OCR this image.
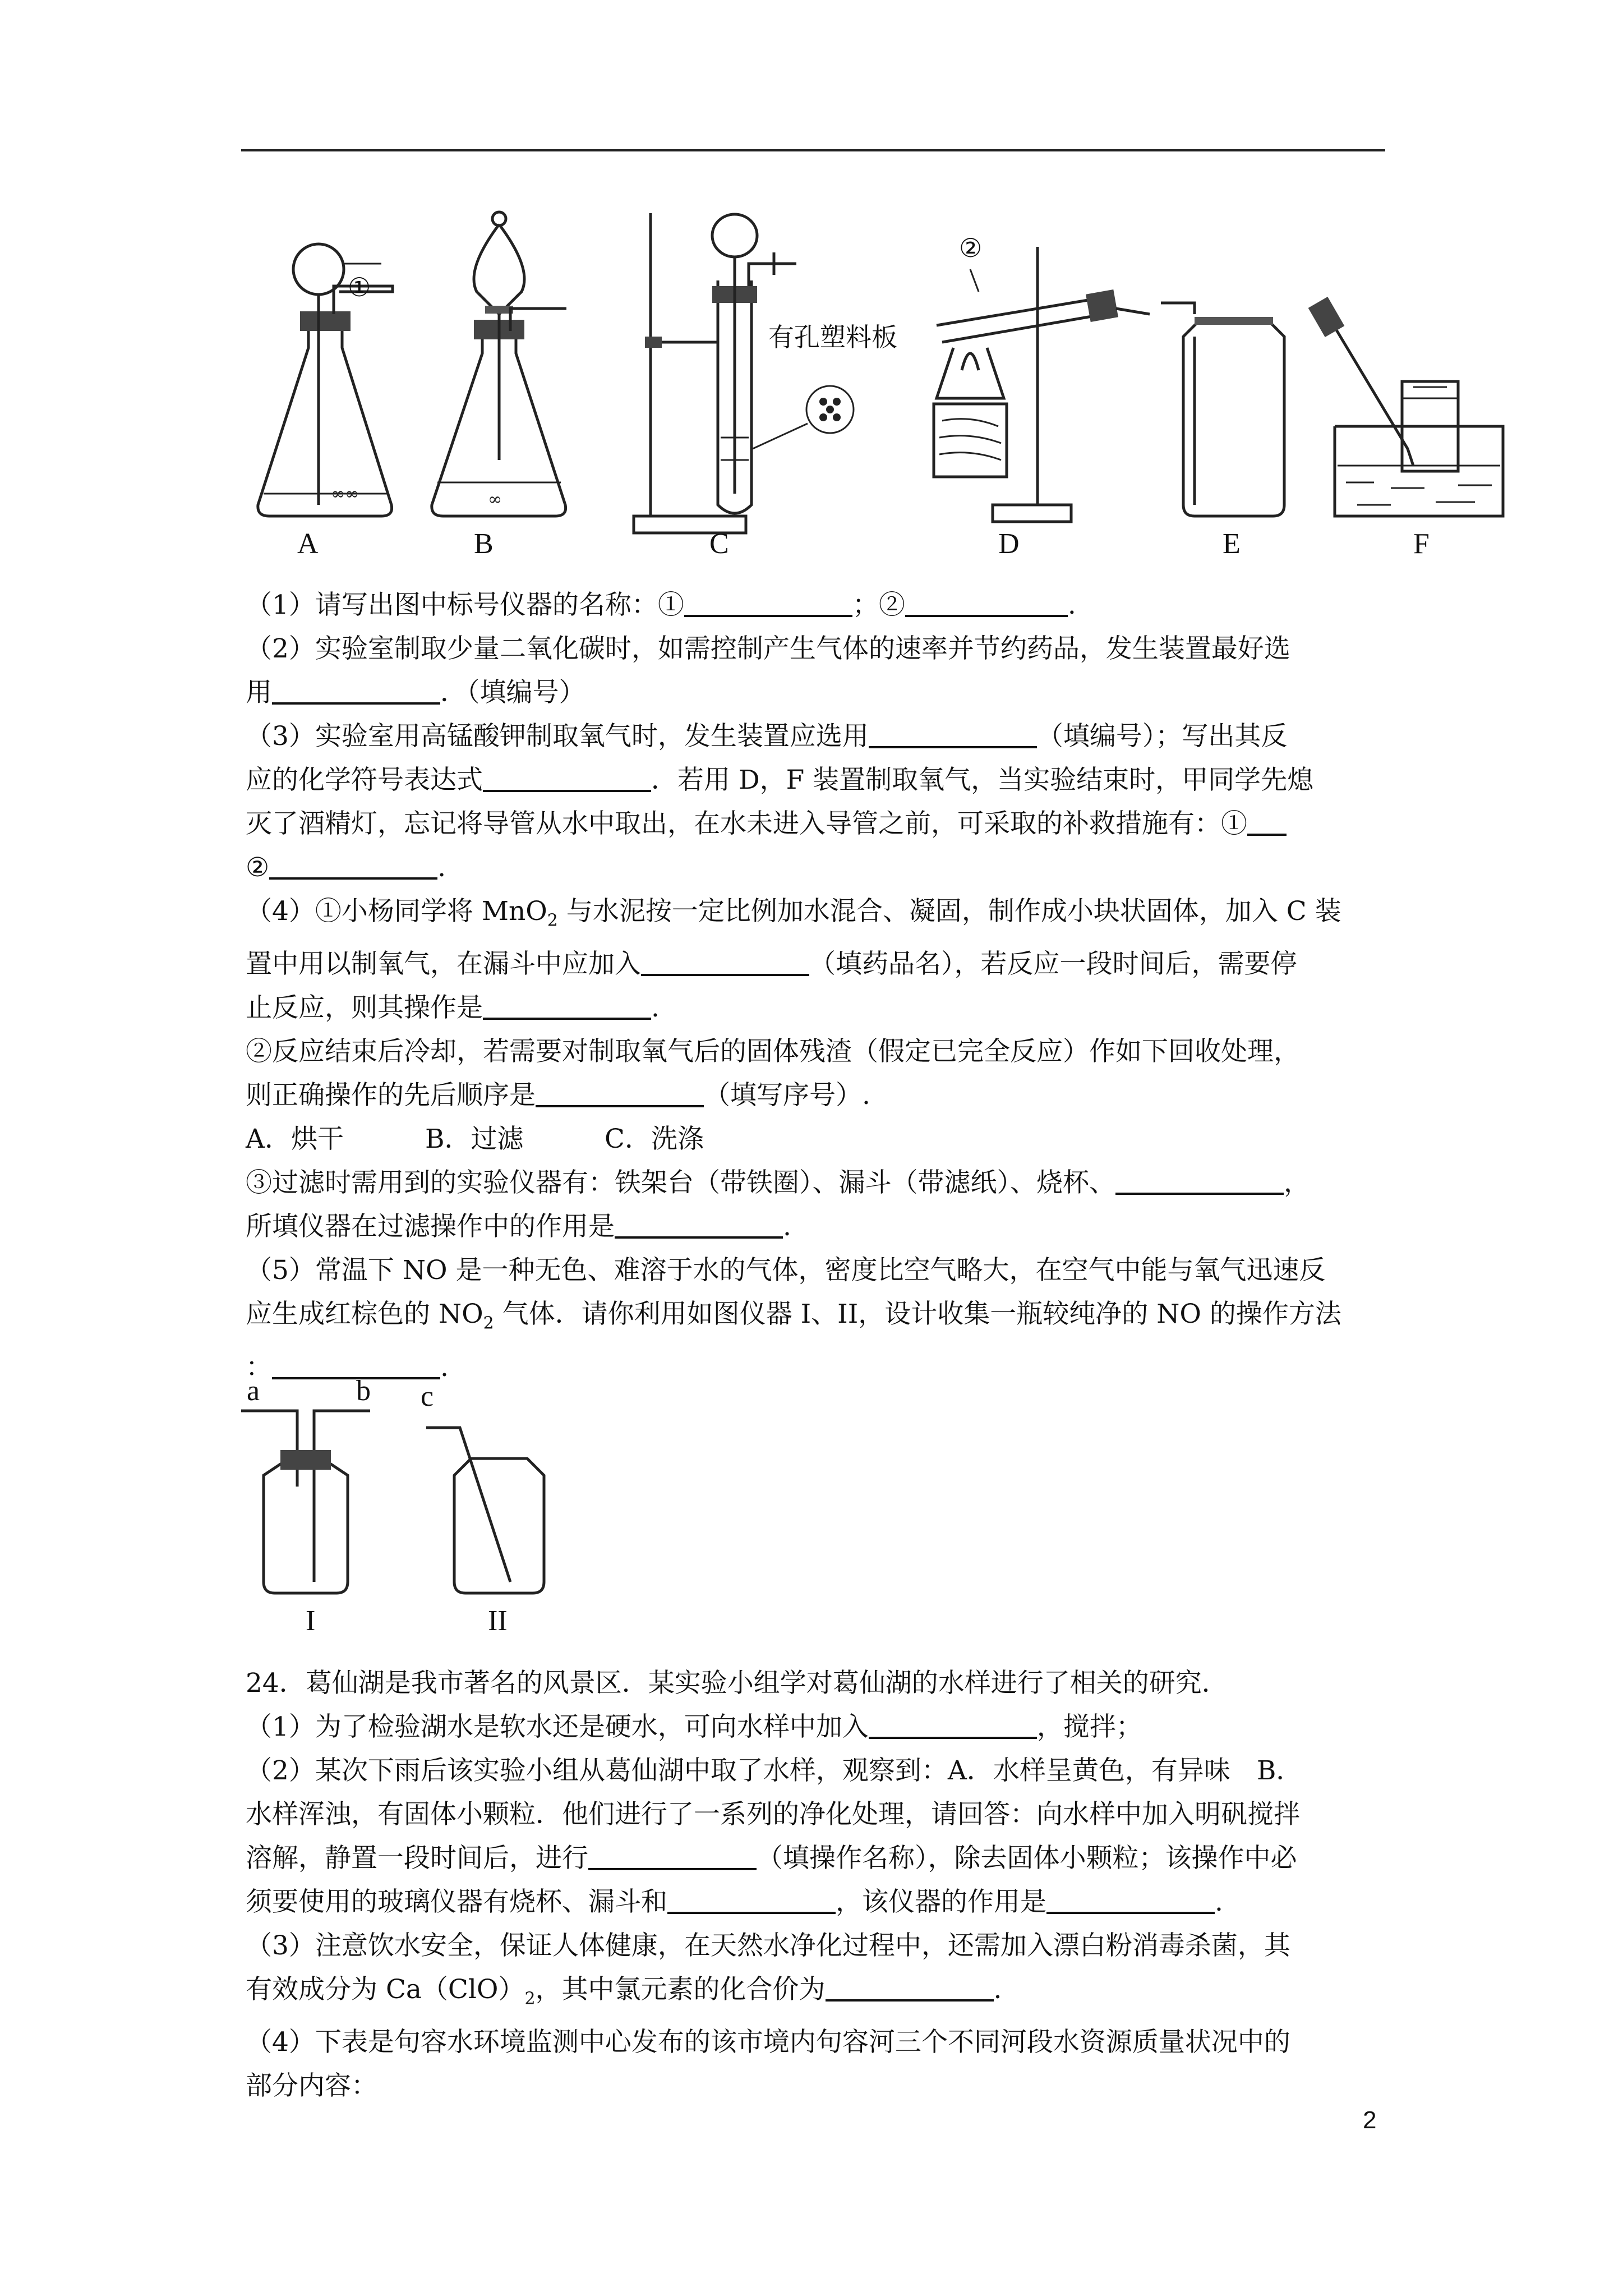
∞∞	∞
A	B	C	D	E	F
①
②
有孔塑料板

（1）请写出图中标号仪器的名称：①	；②	.

（2）实验室制取少量二氧化碳时，如需控制产生气体的速率并节约药品，发生装置最好选

用	．（填编号）

（3）实验室用高锰酸钾制取氧气时，发生装置应选用	（填编号）；写出其反

应的化学符号表达式	．若用 D，F 装置制取氧气，当实验结束时，甲同学先熄

灭了酒精灯，忘记将导管从水中取出，在水未进入导管之前，可采取的补救措施有：①

②	.

（4）①小杨同学将 MnO$_2$ 与水泥按一定比例加水混合、凝固，制作成小块状固体，加入 C 装

置中用以制氧气，在漏斗中应加入	（填药品名），若反应一段时间后，需要停

止反应，则其操作是	.

②反应结束后冷却，若需要对制取氧气后的固体残渣（假定已完全反应）作如下回收处理，

则正确操作的先后顺序是	（填写序号）.

A．烘干	B．过滤	C．洗涤

③过滤时需用到的实验仪器有：铁架台（带铁圈）、漏斗（带滤纸）、烧杯、	，

所填仪器在过滤操作中的作用是	.

（5）常温下 NO 是一种无色、难溶于水的气体，密度比空气略大，在空气中能与氧气迅速反

应生成红棕色的 $NO_2$ 气体．请你利用如图仪器 I、II，设计收集一瓶较纯净的 NO 的操作方法

：	.

a	b c
I	II

24．葛仙湖是我市著名的风景区．某实验小组学对葛仙湖的水样进行了相关的研究．

（1）为了检验湖水是软水还是硬水，可向水样中加入	，搅拌；

（2）某次下雨后该实验小组从葛仙湖中取了水样，观察到：A．水样呈黄色，有异味　B．

水样浑浊，有固体小颗粒．他们进行了一系列的净化处理，请回答：向水样中加入明矾搅拌

溶解，静置一段时间后，进行	（填操作名称），除去固体小颗粒；该操作中必

须要使用的玻璃仪器有烧杯、漏斗和	，该仪器的作用是	.

（3）注意饮水安全，保证人体健康，在天然水净化过程中，还需加入漂白粉消毒杀菌，其

有效成分为 $Ca(ClO)_2$，其中氯元素的化合价为	.

（4）下表是句容水环境监测中心发布的该市境内句容河三个不同河段水资源质量状况中的

部分内容：

2
